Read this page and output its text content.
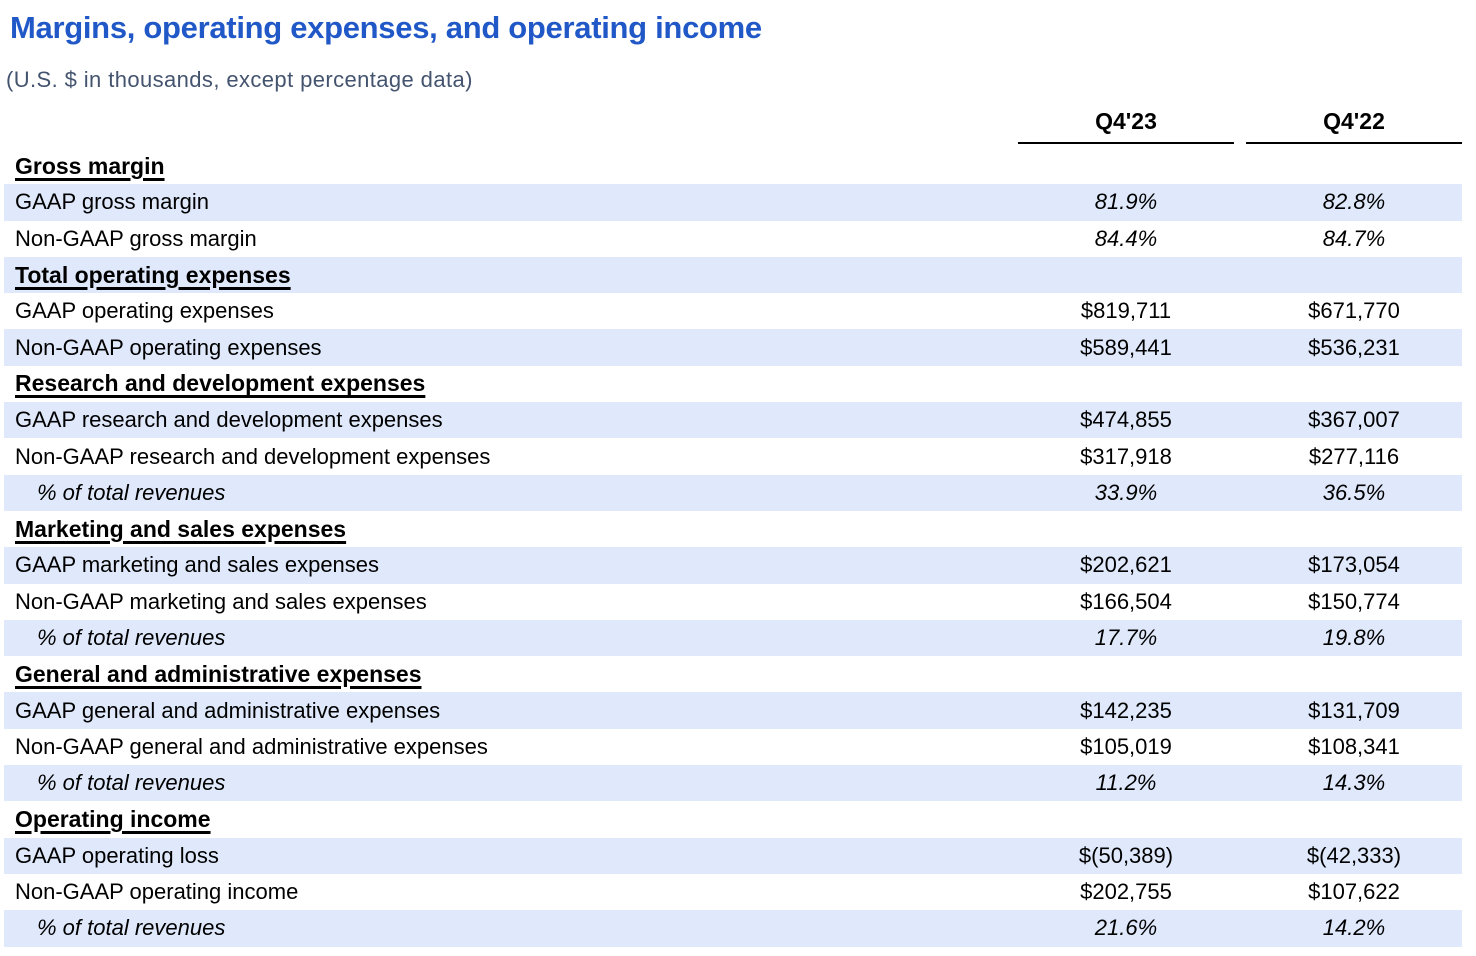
Margins, operating expenses, and operating income
(U.S. $ in thousands, except percentage data)
Q4'23	Q4'22
Gross margin
GAAP gross margin	81.9%	82.8%
Non-GAAP gross margin	84.4%	84.7%
Total operating expenses
GAAP operating expenses	$819,711	$671,770
Non-GAAP operating expenses	$589,441	$536,231
Research and development expenses
GAAP research and development expenses	$474,855	$367,007
Non-GAAP research and development expenses	$317,918	$277,116
% of total revenues	33.9%	36.5%
Marketing and sales expenses
GAAP marketing and sales expenses	$202,621	$173,054
Non-GAAP marketing and sales expenses	$166,504	$150,774
% of total revenues	17.7%	19.8%
General and administrative expenses
GAAP general and administrative expenses	$142,235	$131,709
Non-GAAP general and administrative expenses	$105,019	$108,341
% of total revenues	11.2%	14.3%
Operating income
GAAP operating loss	$(50,389)	$(42,333)
Non-GAAP operating income	$202,755	$107,622
% of total revenues	21.6%	14.2%
